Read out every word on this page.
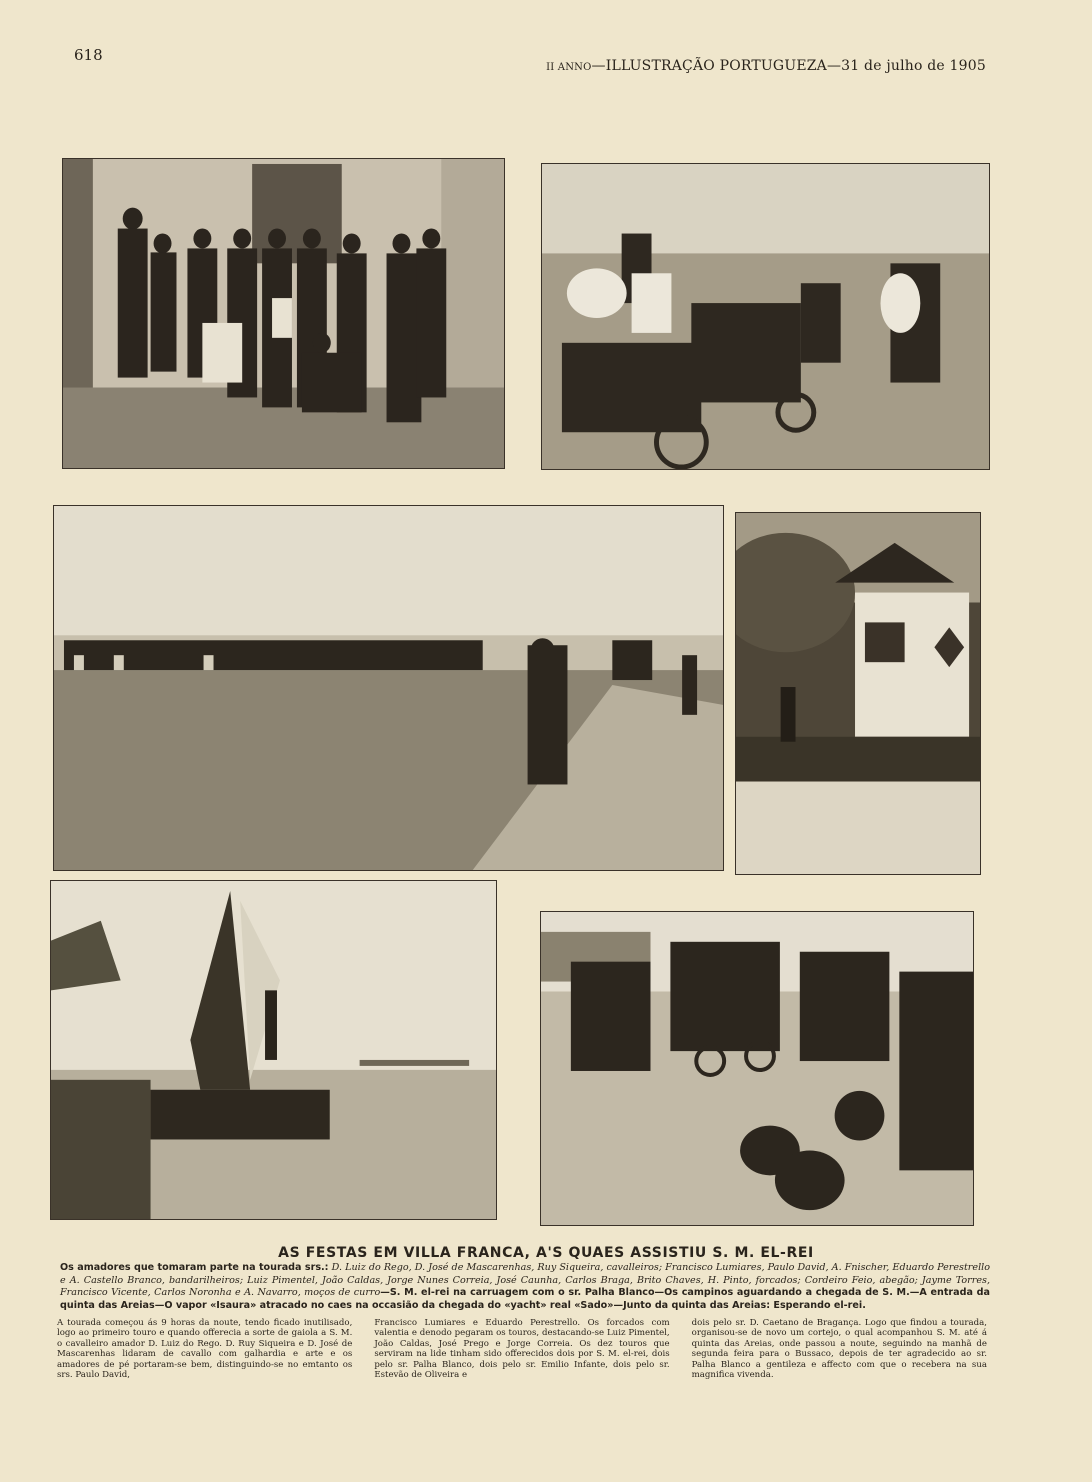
618
II ANNO—ILLUSTRAÇÃO PORTUGUEZA—31 de julho de 1905
AS FESTAS EM VILLA FRANCA, A'S QUAES ASSISTIU S. M. EL-REI
Os amadores que tomaram parte na tourada srs.: D. Luiz do Rego, D. José de Mascarenhas, Ruy Siqueira, cavalleiros; Francisco Lumiares, Paulo David, A. Fnischer, Eduardo Perestrello e A. Castello Branco, bandarilheiros; Luiz Pimentel, João Caldas, Jorge Nunes Correia, José Caunha, Carlos Braga, Brito Chaves, H. Pinto, forcados; Cordeiro Feio, abegão; Jayme Torres, Francisco Vicente, Carlos Noronha e A. Navarro, moços de curro—S. M. el-rei na carruagem com o sr. Palha Blanco—Os campinos aguardando a chegada de S. M.—A entrada da quinta das Areias—O vapor «Isaura» atracado no caes na occasião da chegada do «yacht» real «Sado»—Junto da quinta das Areias: Esperando el-rei.
A tourada começou ás 9 horas da noute, tendo ficado inutilisado, logo ao primeiro touro e quando offerecia a sorte de gaiola a S. M. o cavalleiro amador D. Luiz do Rego. D. Ruy Siqueira e D. José de Mascarenhas lidaram de cavallo com galhardia e arte e os amadores de pé portaram-se bem, distinguindo-se no emtanto os srs. Paulo David,
Francisco Lumiares e Eduardo Perestrello. Os forcados com valentia e denodo pegaram os touros, destacando-se Luiz Pimentel, João Caldas, José Prego e Jorge Correia. Os dez touros que serviram na lide tinham sido offerecidos dois por S. M. el-rei, dois pelo sr. Palha Blanco, dois pelo sr. Emilio Infante, dois pelo sr. Estevão de Oliveira e
dois pelo sr. D. Caetano de Bragança. Logo que findou a tourada, organisou-se de novo um cortejo, o qual acompanhou S. M. até á quinta das Areias, onde passou a noute, seguindo na manhã de segunda feira para o Bussaco, depois de ter agradecido ao sr. Palha Blanco a gentileza e affecto com que o recebera na sua magnifica vivenda.
